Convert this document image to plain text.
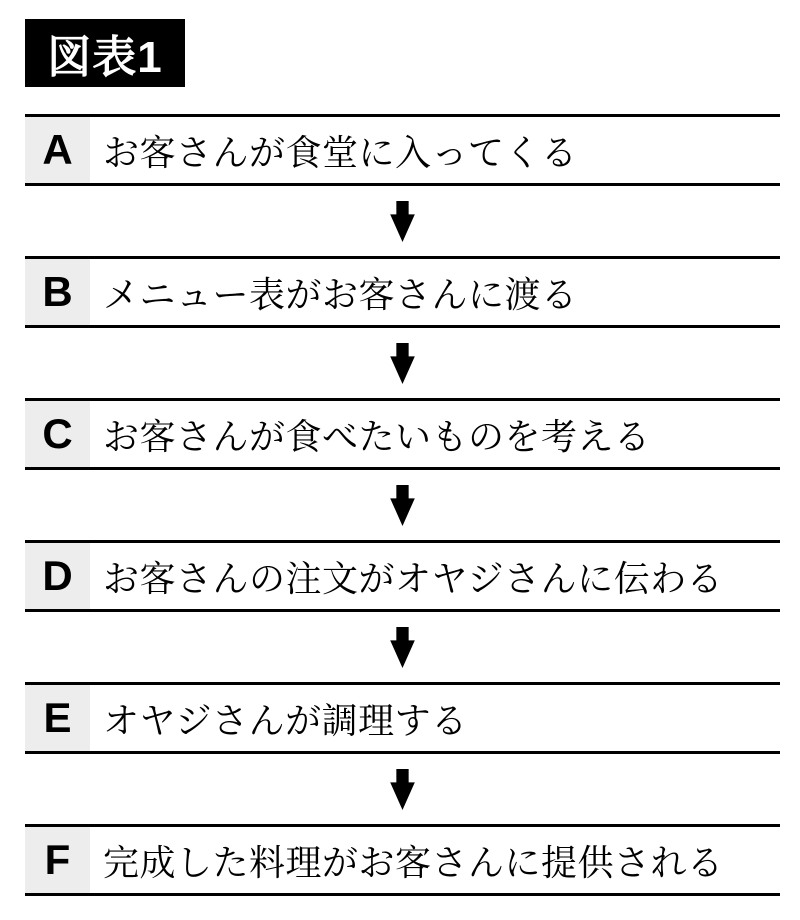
図表1
A お客さんが食堂に入ってくる
B メニュー表がお客さんに渡る
C お客さんが食べたいものを考える
D お客さんの注文がオヤジさんに伝わる
E オヤジさんが調理する
F 完成した料理がお客さんに提供される
